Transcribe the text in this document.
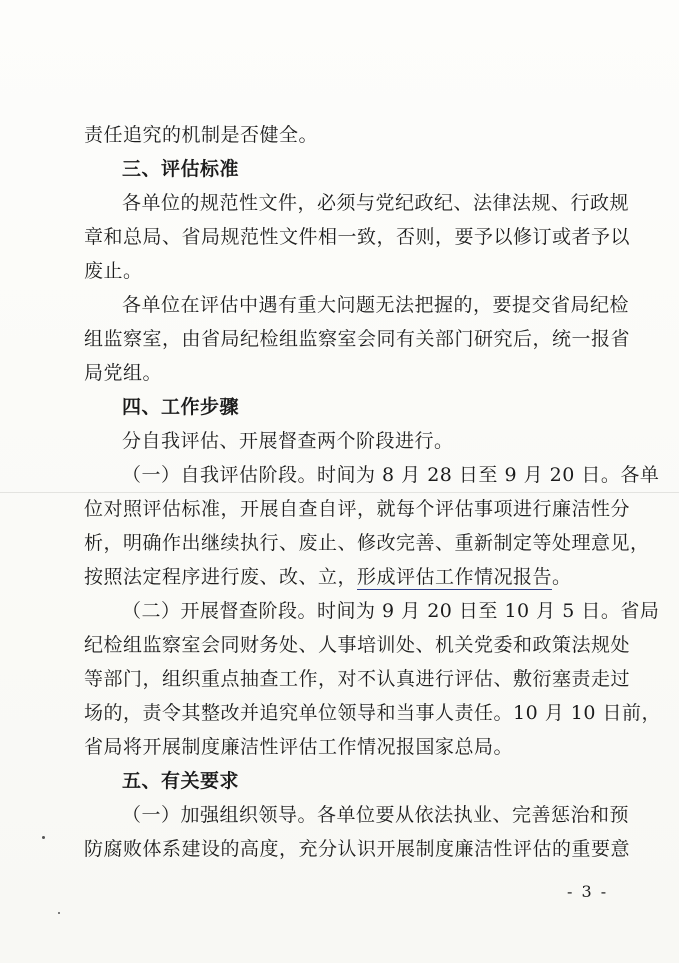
责任追究的机制是否健全。
三、评估标准
各单位的规范性文件，必须与党纪政纪、法律法规、行政规
章和总局、省局规范性文件相一致，否则，要予以修订或者予以
废止。
各单位在评估中遇有重大问题无法把握的，要提交省局纪检
组监察室，由省局纪检组监察室会同有关部门研究后，统一报省
局党组。
四、工作步骤
分自我评估、开展督查两个阶段进行。
（一）自我评估阶段。时间为 8 月 28 日至 9 月 20 日。各单
位对照评估标准，开展自查自评，就每个评估事项进行廉洁性分
析，明确作出继续执行、废止、修改完善、重新制定等处理意见，
按照法定程序进行废、改、立，形成评估工作情况报告。
（二）开展督查阶段。时间为 9 月 20 日至 10 月 5 日。省局
纪检组监察室会同财务处、人事培训处、机关党委和政策法规处
等部门，组织重点抽查工作，对不认真进行评估、敷衍塞责走过
场的，责令其整改并追究单位领导和当事人责任。10 月 10 日前，
省局将开展制度廉洁性评估工作情况报国家总局。
五、有关要求
（一）加强组织领导。各单位要从依法执业、完善惩治和预
防腐败体系建设的高度，充分认识开展制度廉洁性评估的重要意
- 3 -
